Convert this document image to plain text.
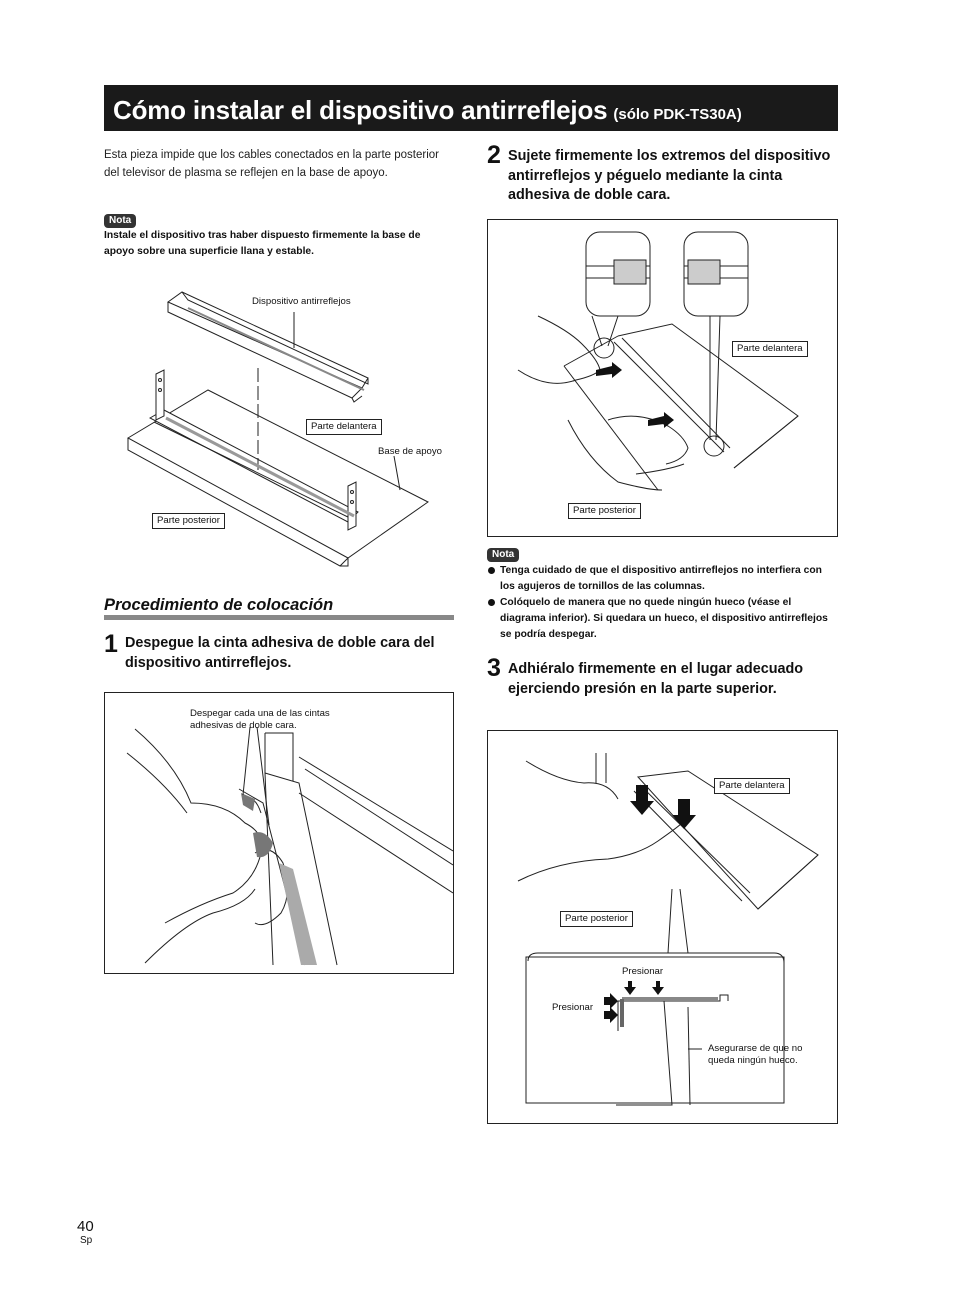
Cómo instalar el dispositivo antirreflejos (sólo PDK-TS30A)
Esta pieza impide que los cables conectados en la parte posterior del televisor de plasma se reflejen en la base de apoyo.
Nota
Instale el dispositivo tras haber dispuesto firmemente la base de apoyo sobre una superficie llana y estable.
Dispositivo antirreflejos
Parte delantera
Base de apoyo
Parte posterior
Procedimiento de colocación
1 Despegue la cinta adhesiva de doble cara del dispositivo antirreflejos.
Despegar cada una de las cintas adhesivas de doble cara.
2 Sujete firmemente los extremos del dispositivo antirreflejos y péguelo mediante la cinta adhesiva de doble cara.
Parte delantera
Parte posterior
Nota
Tenga cuidado de que el dispositivo antirreflejos no interfiera con los agujeros de tornillos de las columnas.
Colóquelo de manera que no quede ningún hueco (véase el diagrama inferior). Si quedara un hueco, el dispositivo antirreflejos se podría despegar.
3 Adhiéralo firmemente en el lugar adecuado ejerciendo presión en la parte superior.
Parte delantera
Parte posterior
Presionar
Presionar
Asegurarse de que no queda ningún hueco.
40
Sp
